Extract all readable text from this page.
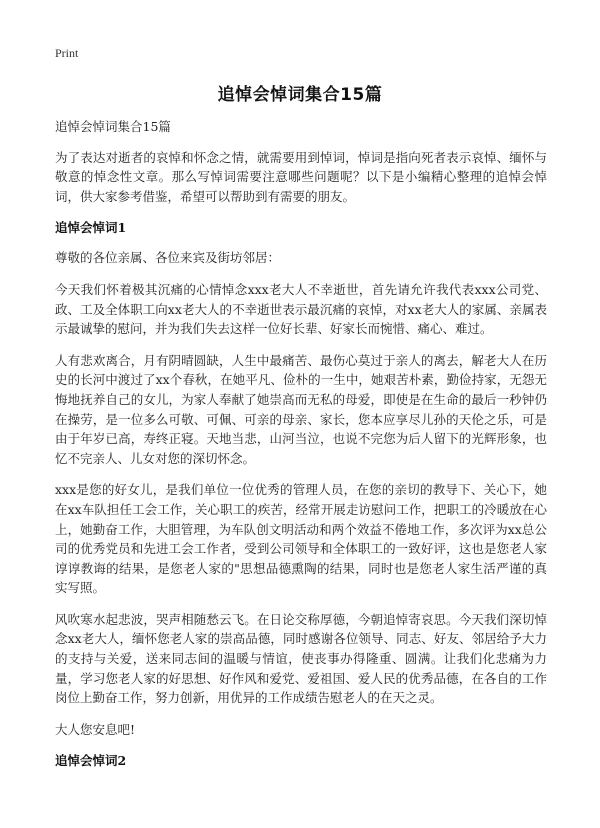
Print
追悼会悼词集合15篇

追悼会悼词集合15篇

为了表达对逝者的哀悼和怀念之情，就需要用到悼词，悼词是指向死者表示哀悼、缅怀与敬意的悼念性文章。那么写悼词需要注意哪些问题呢？以下是小编精心整理的追悼会悼词，供大家参考借鉴，希望可以帮助到有需要的朋友。

追悼会悼词1

尊敬的各位亲属、各位来宾及街坊邻居：

今天我们怀着极其沉痛的心情悼念xxx老大人不幸逝世，首先请允许我代表xxx公司党、政、工及全体职工向xx老大人的不幸逝世表示最沉痛的哀悼，对xx老大人的家属、亲属表示最诚挚的慰问，并为我们失去这样一位好长辈、好家长而惋惜、痛心、难过。

人有悲欢离合，月有阴晴圆缺，人生中最痛苦、最伤心莫过于亲人的离去，解老大人在历史的长河中渡过了xx个春秋，在她平凡、俭朴的一生中，她艰苦朴素，勤俭持家，无怨无悔地抚养自己的女儿，为家人奉献了她崇高而无私的母爱，即使是在生命的最后一秒钟仍在操劳，是一位多么可敬、可佩、可亲的母亲、家长，您本应享尽儿孙的天伦之乐，可是由于年岁已高，寿终正寝。天地当悲，山河当泣，也说不完您为后人留下的光辉形象，也忆不完亲人、儿女对您的深切怀念。

xxx是您的好女儿，是我们单位一位优秀的管理人员，在您的亲切的教导下、关心下，她在xx车队担任工会工作，关心职工的疾苦，经常开展走访慰问工作，把职工的冷暖放在心上，她勤奋工作，大胆管理，为车队创文明活动和两个效益不倦地工作，多次评为xx总公司的优秀党员和先进工会工作者，受到公司领导和全体职工的一致好评，这也是您老人家谆谆教诲的结果，是您老人家的"思想品德熏陶的结果，同时也是您老人家生活严谨的真实写照。

风吹寒水起悲波，哭声相随愁云飞。在日论交称厚德，今朝追悼寄哀思。今天我们深切悼念xx老大人，缅怀您老人家的崇高品德，同时感谢各位领导、同志、好友、邻居给予大力的支持与关爱，送来同志间的温暖与情谊，使丧事办得隆重、圆满。让我们化悲痛为力量，学习您老人家的好思想、好作风和爱党、爱祖国、爱人民的优秀品德，在各自的工作岗位上勤奋工作，努力创新，用优异的工作成绩告慰老人的在天之灵。

大人您安息吧!

追悼会悼词2
